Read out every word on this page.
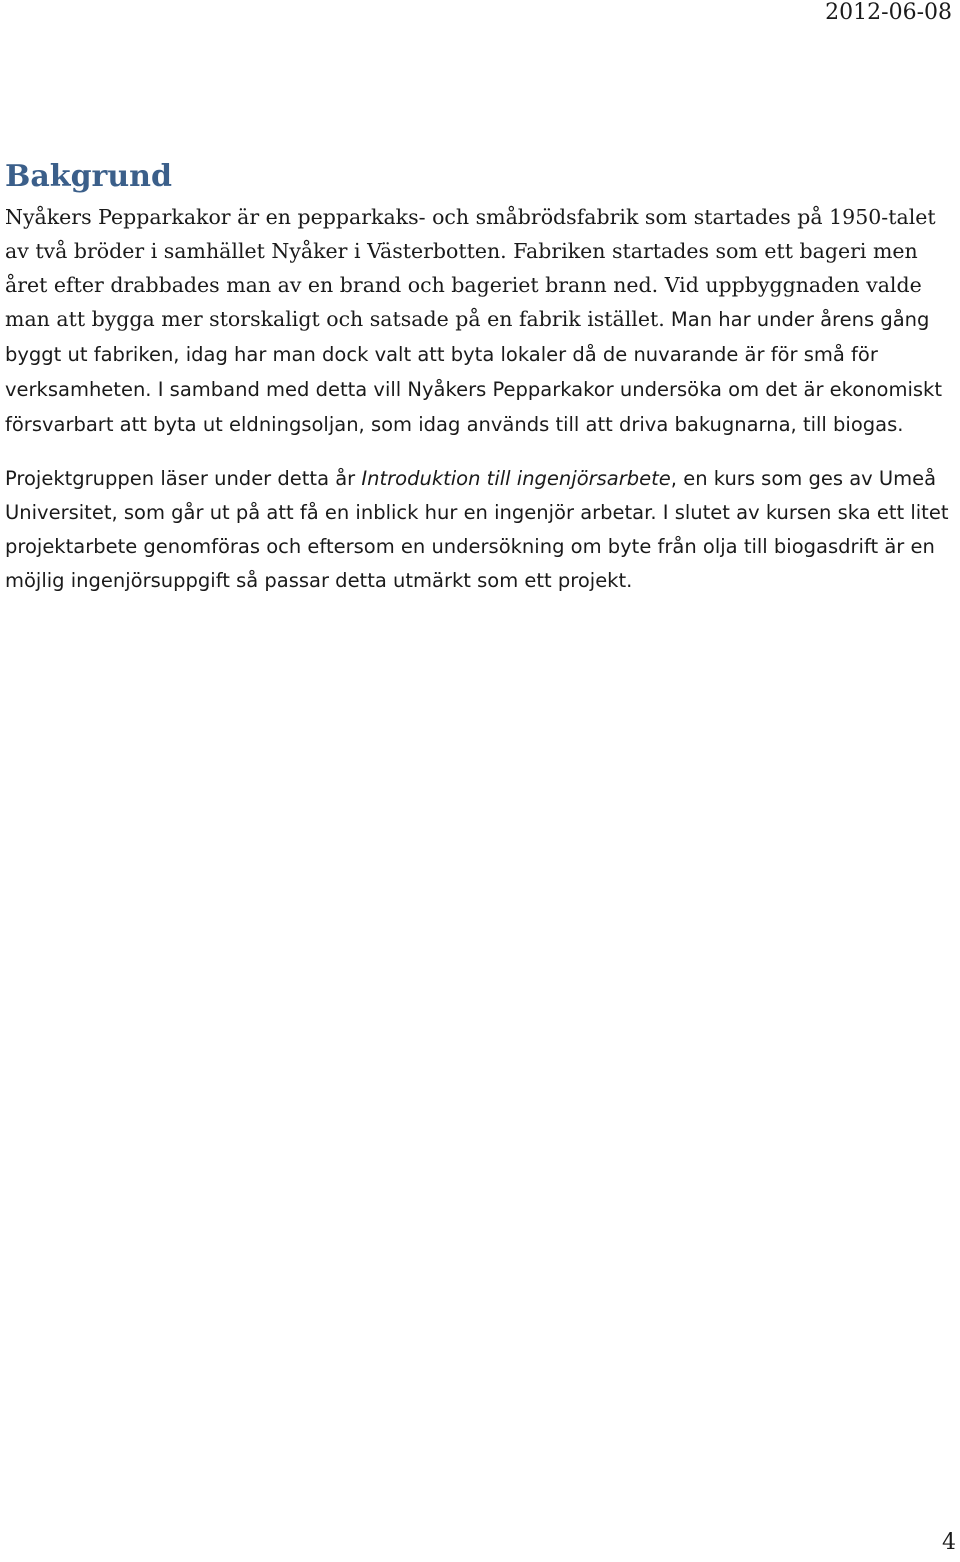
2012-06-08
Bakgrund

Nyåkers Pepparkakor är en pepparkaks- och småbrödsfabrik som startades på 1950-talet av två bröder i samhället Nyåker i Västerbotten. Fabriken startades som ett bageri men året efter drabbades man av en brand och bageriet brann ned. Vid uppbyggnaden valde man att bygga mer storskaligt och satsade på en fabrik istället. Man har under årens gång byggt ut fabriken, idag har man dock valt att byta lokaler då de nuvarande är för små för verksamheten. I samband med detta vill Nyåkers Pepparkakor undersöka om det är ekonomiskt försvarbart att byta ut eldningsoljan, som idag används till att driva bakugnarna, till biogas.

Projektgruppen läser under detta år Introduktion till ingenjörsarbete, en kurs som ges av Umeå Universitet, som går ut på att få en inblick hur en ingenjör arbetar. I slutet av kursen ska ett litet projektarbete genomföras och eftersom en undersökning om byte från olja till biogasdrift är en möjlig ingenjörsuppgift så passar detta utmärkt som ett projekt.

4
